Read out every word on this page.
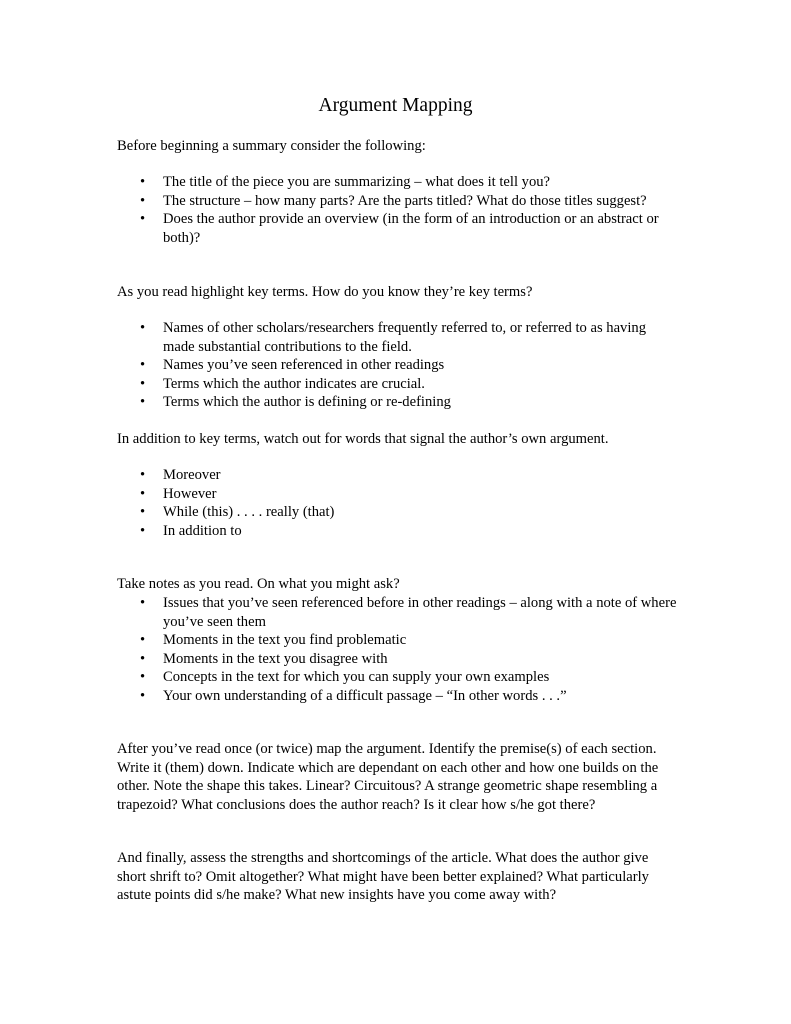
Argument Mapping

Before beginning a summary consider the following:

•	The title of the piece you are summarizing – what does it tell you?
•	The structure – how many parts? Are the parts titled? What do those titles suggest?
•	Does the author provide an overview (in the form of an introduction or an abstract or both)?

As you read highlight key terms. How do you know they’re key terms?

•	Names of other scholars/researchers frequently referred to, or referred to as having made substantial contributions to the field.
•	Names you’ve seen referenced in other readings
•	Terms which the author indicates are crucial.
•	Terms which the author is defining or re-defining

In addition to key terms, watch out for words that signal the author’s own argument.

•	Moreover
•	However
•	While (this) . . . . really (that)
•	In addition to

Take notes as you read. On what you might ask?

•	Issues that you’ve seen referenced before in other readings – along with a note of where you’ve seen them
•	Moments in the text you find problematic
•	Moments in the text you disagree with
•	Concepts in the text for which you can supply your own examples
•	Your own understanding of a difficult passage – “In other words . . .”

After you’ve read once (or twice) map the argument. Identify the premise(s) of each section. Write it (them) down. Indicate which are dependant on each other and how one builds on the other. Note the shape this takes. Linear? Circuitous? A strange geometric shape resembling a trapezoid? What conclusions does the author reach? Is it clear how s/he got there?

And finally, assess the strengths and shortcomings of the article. What does the author give short shrift to? Omit altogether? What might have been better explained? What particularly astute points did s/he make? What new insights have you come away with?
